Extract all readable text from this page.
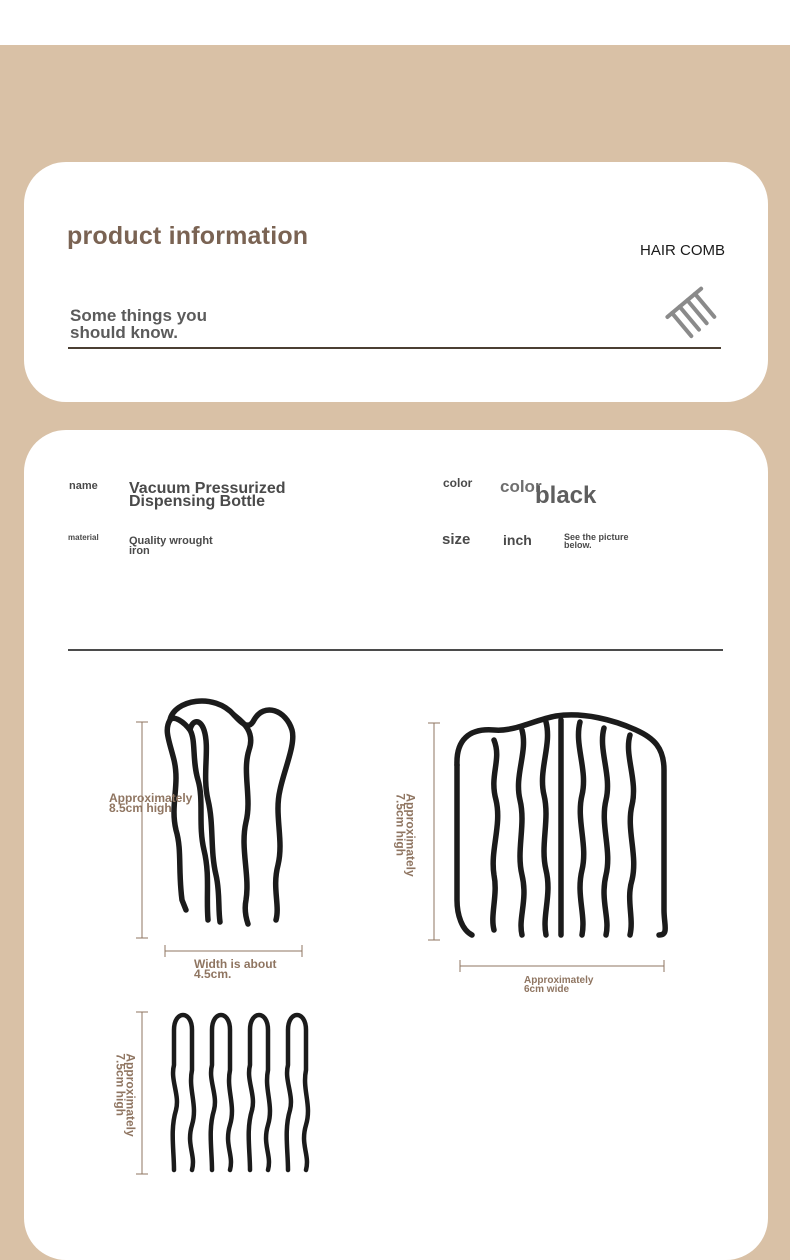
product information

HAIR COMB

Some things you
should know.

name Vacuum Pressurized
Dispensing Bottle

material	Quality wrought
iron

color color

black

size inch	See the picture
below.

Approximately
8.5cm high

Width is about
4.5cm.

Approximately
7.5cm high

Approximately
6cm wide

Approximately
7.5cm high
